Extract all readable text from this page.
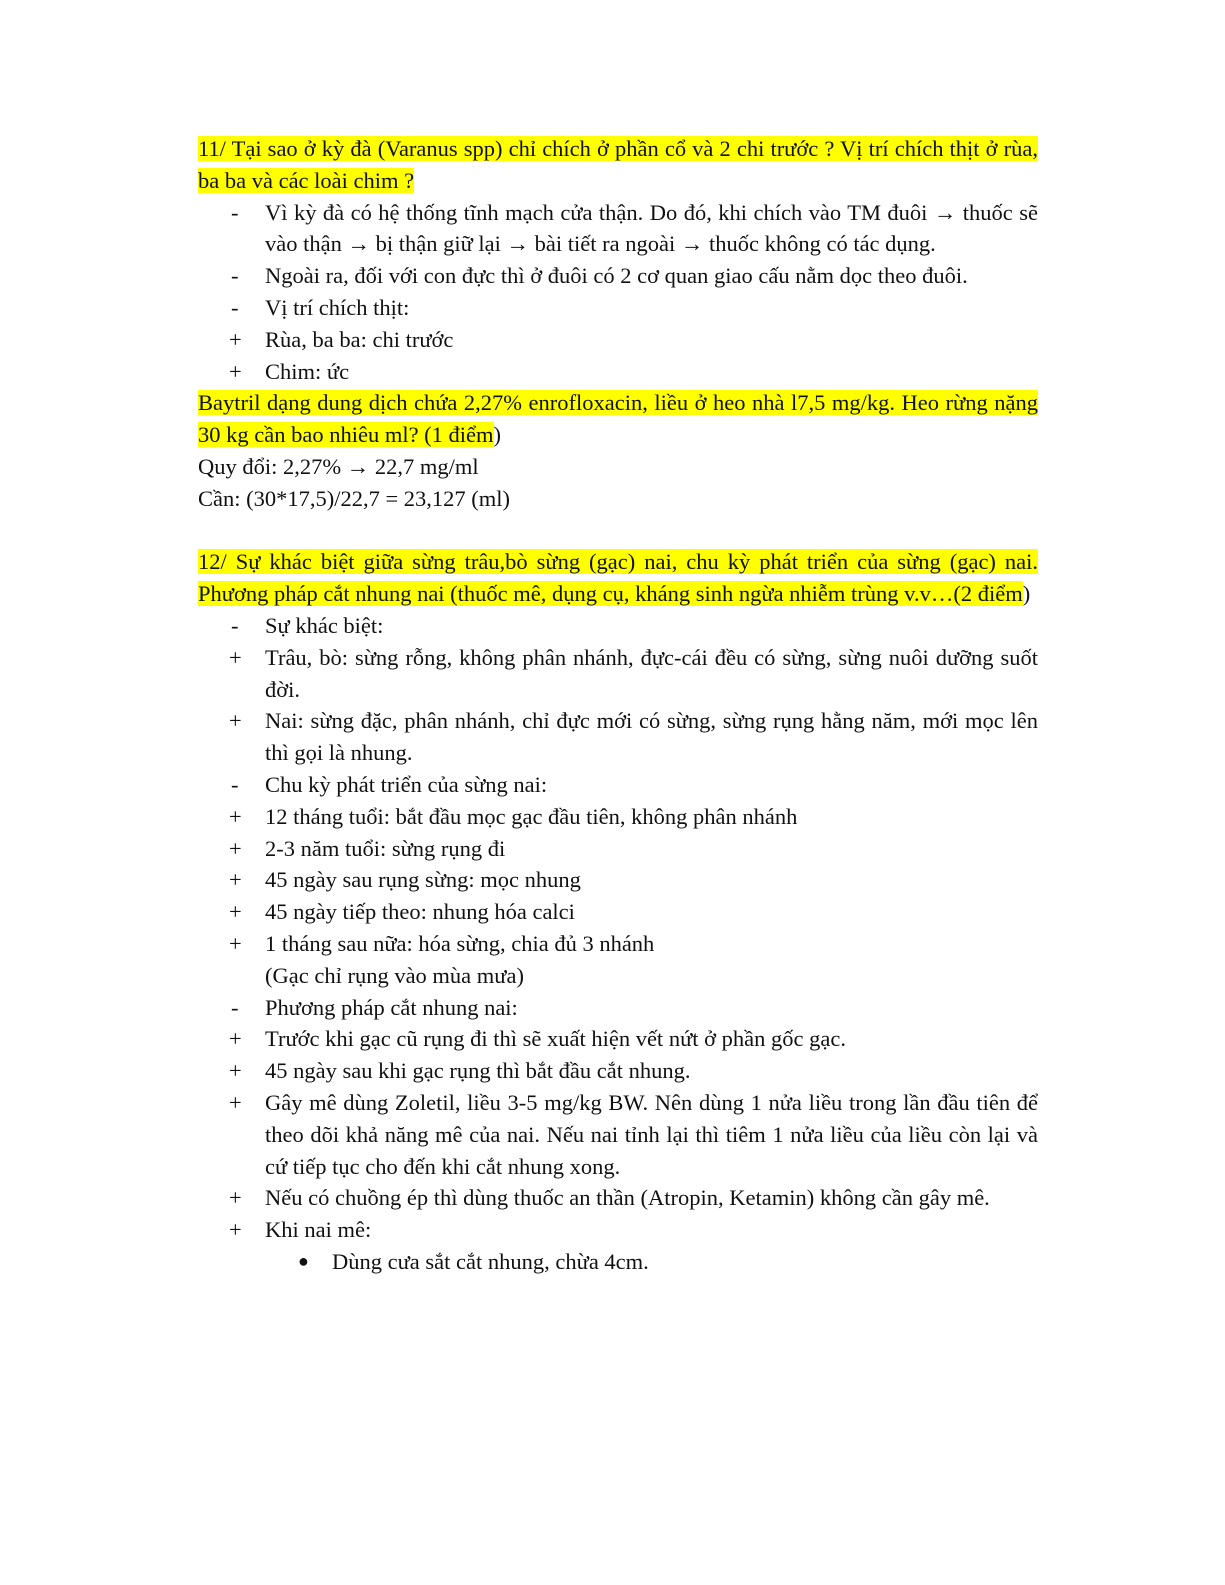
11/ Tại sao ở kỳ đà (Varanus spp) chỉ chích ở phần cổ và 2 chi trước ? Vị trí chích thịt ở rùa, ba ba và các loài chim ?

- Vì kỳ đà có hệ thống tĩnh mạch cửa thận. Do đó, khi chích vào TM đuôi → thuốc sẽ vào thận → bị thận giữ lại → bài tiết ra ngoài → thuốc không có tác dụng.
- Ngoài ra, đối với con đực thì ở đuôi có 2 cơ quan giao cấu nằm dọc theo đuôi.
- Vị trí chích thịt:
+ Rùa, ba ba: chi trước
+ Chim: ức

Baytril dạng dung dịch chứa 2,27% enrofloxacin, liều ở heo nhà l7,5 mg/kg. Heo rừng nặng 30 kg cần bao nhiêu ml? (1 điểm)

Quy đổi: 2,27% → 22,7 mg/ml

Cần: (30*17,5)/22,7 = 23,127 (ml)

12/ Sự khác biệt giữa sừng trâu,bò sừng (gạc) nai, chu kỳ phát triển của sừng (gạc) nai. Phương pháp cắt nhung nai (thuốc mê, dụng cụ, kháng sinh ngừa nhiễm trùng v.v…(2 điểm)

- Sự khác biệt:
+ Trâu, bò: sừng rỗng, không phân nhánh, đực-cái đều có sừng, sừng nuôi dưỡng suốt đời.
+ Nai: sừng đặc, phân nhánh, chỉ đực mới có sừng, sừng rụng hằng năm, mới mọc lên thì gọi là nhung.
- Chu kỳ phát triển của sừng nai:
+ 12 tháng tuổi: bắt đầu mọc gạc đầu tiên, không phân nhánh
+ 2-3 năm tuổi: sừng rụng đi
+ 45 ngày sau rụng sừng: mọc nhung
+ 45 ngày tiếp theo: nhung hóa calci
+ 1 tháng sau nữa: hóa sừng, chia đủ 3 nhánh

(Gạc chỉ rụng vào mùa mưa)

- Phương pháp cắt nhung nai:
+ Trước khi gạc cũ rụng đi thì sẽ xuất hiện vết nứt ở phần gốc gạc.
+ 45 ngày sau khi gạc rụng thì bắt đầu cắt nhung.
+ Gây mê dùng Zoletil, liều 3-5 mg/kg BW. Nên dùng 1 nửa liều trong lần đầu tiên để theo dõi khả năng mê của nai. Nếu nai tỉnh lại thì tiêm 1 nửa liều của liều còn lại và cứ tiếp tục cho đến khi cắt nhung xong.
+ Nếu có chuồng ép thì dùng thuốc an thần (Atropin, Ketamin) không cần gây mê.
+ Khi nai mê:
● Dùng cưa sắt cắt nhung, chừa 4cm.
